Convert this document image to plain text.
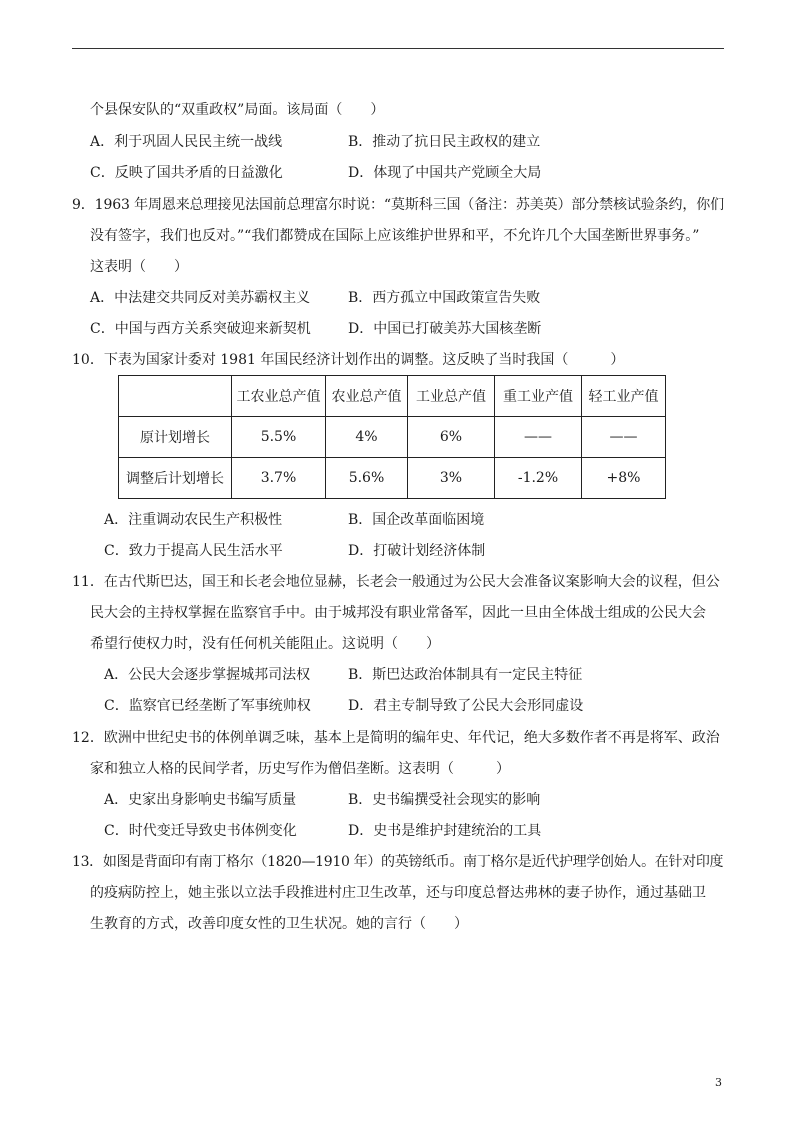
个县保安队的“双重政权”局面。该局面（　　）
A．利于巩固人民民主统一战线	B．推动了抗日民主政权的建立
C．反映了国共矛盾的日益激化	D．体现了中国共产党顾全大局
9．1963 年周恩来总理接见法国前总理富尔时说：“莫斯科三国（备注：苏美英）部分禁核试验条约，你们
没有签字，我们也反对。”“我们都赞成在国际上应该维护世界和平，不允许几个大国垄断世界事务。”
这表明（　　）
A．中法建交共同反对美苏霸权主义	B．西方孤立中国政策宣告失败
C．中国与西方关系突破迎来新契机	D．中国已打破美苏大国核垄断
10．下表为国家计委对 1981 年国民经济计划作出的调整。这反映了当时我国（　　　）
	工农业总产值	农业总产值	工业总产值	重工业产值	轻工业产值
原计划增长	5.5%	4%	6%	——	——
调整后计划增长	3.7%	5.6%	3%	-1.2%	+8%
A．注重调动农民生产积极性	B．国企改革面临困境
C．致力于提高人民生活水平	D．打破计划经济体制
11．在古代斯巴达，国王和长老会地位显赫，长老会一般通过为公民大会准备议案影响大会的议程，但公
民大会的主持权掌握在监察官手中。由于城邦没有职业常备军，因此一旦由全体战士组成的公民大会
希望行使权力时，没有任何机关能阻止。这说明（　　）
A．公民大会逐步掌握城邦司法权	B．斯巴达政治体制具有一定民主特征
C．监察官已经垄断了军事统帅权	D．君主专制导致了公民大会形同虚设
12．欧洲中世纪史书的体例单调乏味，基本上是简明的编年史、年代记，绝大多数作者不再是将军、政治
家和独立人格的民间学者，历史写作为僧侣垄断。这表明（　　　）
A．史家出身影响史书编写质量	B．史书编撰受社会现实的影响
C．时代变迁导致史书体例变化	D．史书是维护封建统治的工具
13．如图是背面印有南丁格尔（1820—1910 年）的英镑纸币。南丁格尔是近代护理学创始人。在针对印度
的疫病防控上，她主张以立法手段推进村庄卫生改革，还与印度总督达弗林的妻子协作，通过基础卫
生教育的方式，改善印度女性的卫生状况。她的言行（　　）
3
